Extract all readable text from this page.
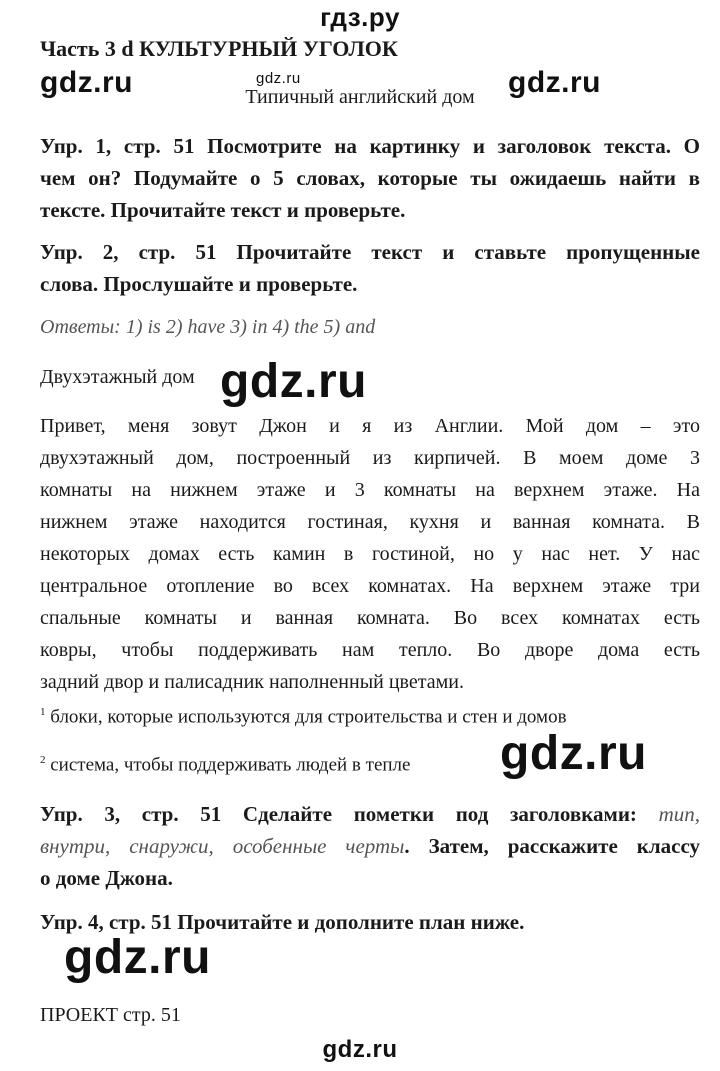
гдз.ру
Часть 3 d КУЛЬТУРНЫЙ УГОЛОК
gdz.ru	gdz.ru	gdz.ru
Типичный английский дом
Упр. 1, стр. 51 Посмотрите на картинку и заголовок текста. О
чем он? Подумайте о 5 словах, которые ты ожидаешь найти в
тексте. Прочитайте текст и проверьте.
Упр. 2, стр. 51 Прочитайте текст и ставьте пропущенные
слова. Прослушайте и проверьте.
Ответы: 1) is 2) have 3) in 4) the 5) and
Двухэтажный дом gdz.ru
Привет, меня зовут Джон и я из Англии. Мой дом – это
двухэтажный дом, построенный из кирпичей. В моем доме 3
комнаты на нижнем этаже и 3 комнаты на верхнем этаже. На
нижнем этаже находится гостиная, кухня и ванная комната. В
некоторых домах есть камин в гостиной, но у нас нет. У нас
центральное отопление во всех комнатах. На верхнем этаже три
спальные комнаты и ванная комната. Во всех комнатах есть
ковры, чтобы поддерживать нам тепло. Во дворе дома есть
задний двор и палисадник наполненный цветами.
$^1$ блоки, которые используются для строительства и стен и домов
$^2$ система, чтобы поддерживать людей в тепле gdz.ru
Упр. 3, стр. 51 Сделайте пометки под заголовками: тип,
внутри, снаружи, особенные черты. Затем, расскажите классу
о доме Джона.
Упр. 4, стр. 51 Прочитайте и дополните план ниже.
gdz.ru
ПРОЕКТ стр. 51
gdz.ru
